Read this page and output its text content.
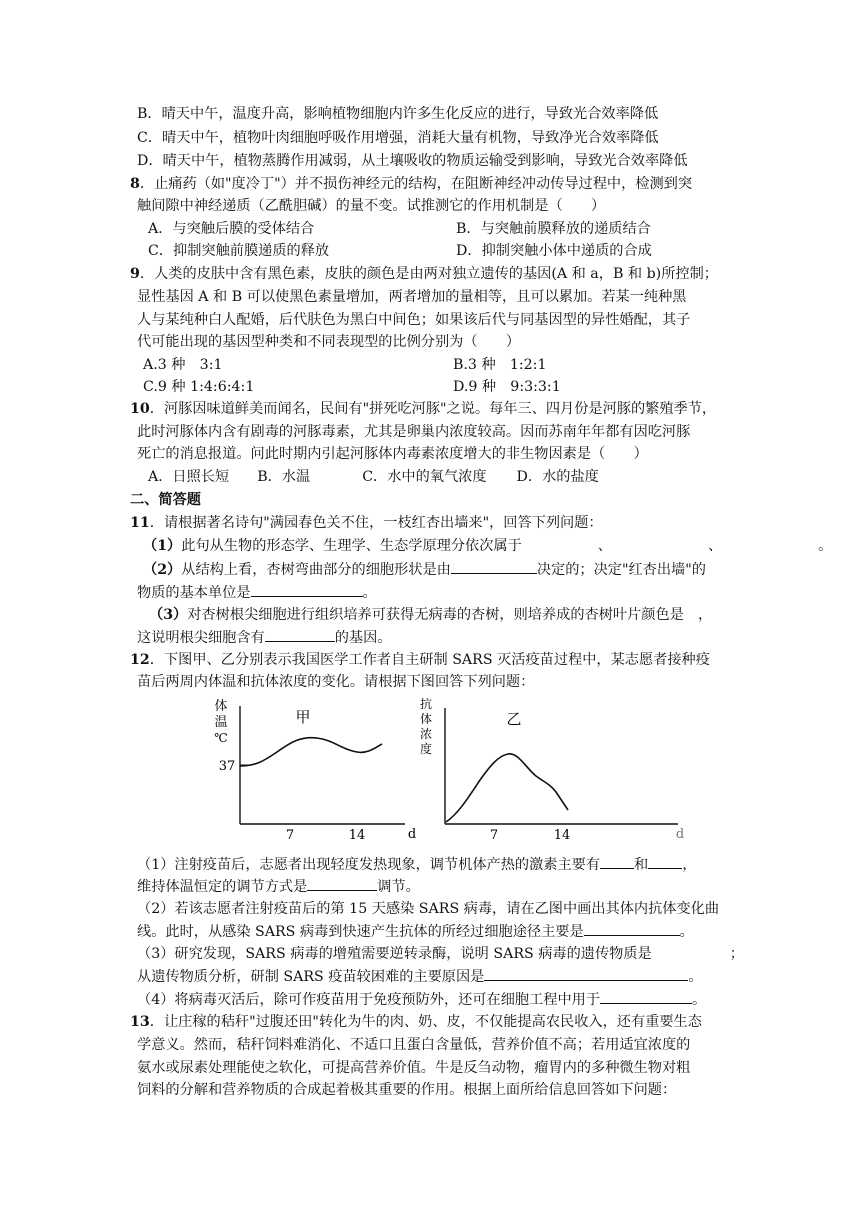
B．晴天中午，温度升高，影响植物细胞内许多生化反应的进行，导致光合效率降低
C．晴天中午，植物叶肉细胞呼吸作用增强，消耗大量有机物，导致净光合效率降低
D．晴天中午，植物蒸腾作用减弱，从土壤吸收的物质运输受到影响，导致光合效率降低
8．止痛药（如"度冷丁"）并不损伤神经元的结构，在阻断神经冲动传导过程中，检测到突
触间隙中神经递质（乙酰胆碱）的量不变。试推测它的作用机制是（　　）
A．与突触后膜的受体结合	B．与突触前膜释放的递质结合
C．抑制突触前膜递质的释放	D．抑制突触小体中递质的合成
9．人类的皮肤中含有黑色素，皮肤的颜色是由两对独立遗传的基因(A 和 a，B 和 b)所控制；
显性基因 A 和 B 可以使黑色素量增加，两者增加的量相等，且可以累加。若某一纯种黑
人与某纯种白人配婚，后代肤色为黑白中间色；如果该后代与同基因型的异性婚配，其子
代可能出现的基因型种类和不同表现型的比例分别为（　　）
A.3 种　3:1	B.3 种　1:2:1
C.9 种 1:4:6:4:1	D.9 种　9:3:3:1
10．河豚因味道鲜美而闻名，民间有"拼死吃河豚"之说。每年三、四月份是河豚的繁殖季节，
此时河豚体内含有剧毒的河豚毒素，尤其是卵巢内浓度较高。因而苏南年年都有因吃河豚
死亡的消息报道。问此时期内引起河豚体内毒素浓度增大的非生物因素是（　　）
A．日照长短 B．水温	C．水中的氧气浓度 D．水的盐度
二、简答题
11．请根据著名诗句"满园春色关不住，一枝红杏出墙来"，回答下列问题：
（1）此句从生物的形态学、生理学、生态学原理分依次属于	、	、	。
（2）从结构上看，杏树弯曲部分的细胞形状是由	决定的；决定"红杏出墙"的
物质的基本单位是	。
（3）对杏树根尖细胞进行组织培养可获得无病毒的杏树，则培养成的杏树叶片颜色是　，
这说明根尖细胞含有	的基因。
12．下图甲、乙分别表示我国医学工作者自主研制 SARS 灭活疫苗过程中，某志愿者接种疫
苗后两周内体温和抗体浓度的变化。请根据下图回答下列问题：
体
温
℃
甲
37
7	14	d
抗
体
浓
度
乙
7	14	d
（1）注射疫苗后，志愿者出现轻度发热现象，调节机体产热的激素主要有 和 ，
维持体温恒定的调节方式是	调节。
（2）若该志愿者注射疫苗后的第 15 天感染 SARS 病毒，请在乙图中画出其体内抗体变化曲
线。此时，从感染 SARS 病毒到快速产生抗体的所经过细胞途径主要是	。
（3）研究发现，SARS 病毒的增殖需要逆转录酶，说明 SARS 病毒的遗传物质是	；
从遗传物质分析，研制 SARS 疫苗较困难的主要原因是	。
（4）将病毒灭活后，除可作疫苗用于免疫预防外，还可在细胞工程中用于	。
13．让庄稼的秸秆"过腹还田"转化为牛的肉、奶、皮，不仅能提高农民收入，还有重要生态
学意义。然而，秸秆饲料难消化、不适口且蛋白含量低，营养价值不高；若用适宜浓度的
氨水或尿素处理能使之软化，可提高营养价值。牛是反刍动物，瘤胃内的多种微生物对粗
饲料的分解和营养物质的合成起着极其重要的作用。根据上面所给信息回答如下问题：
